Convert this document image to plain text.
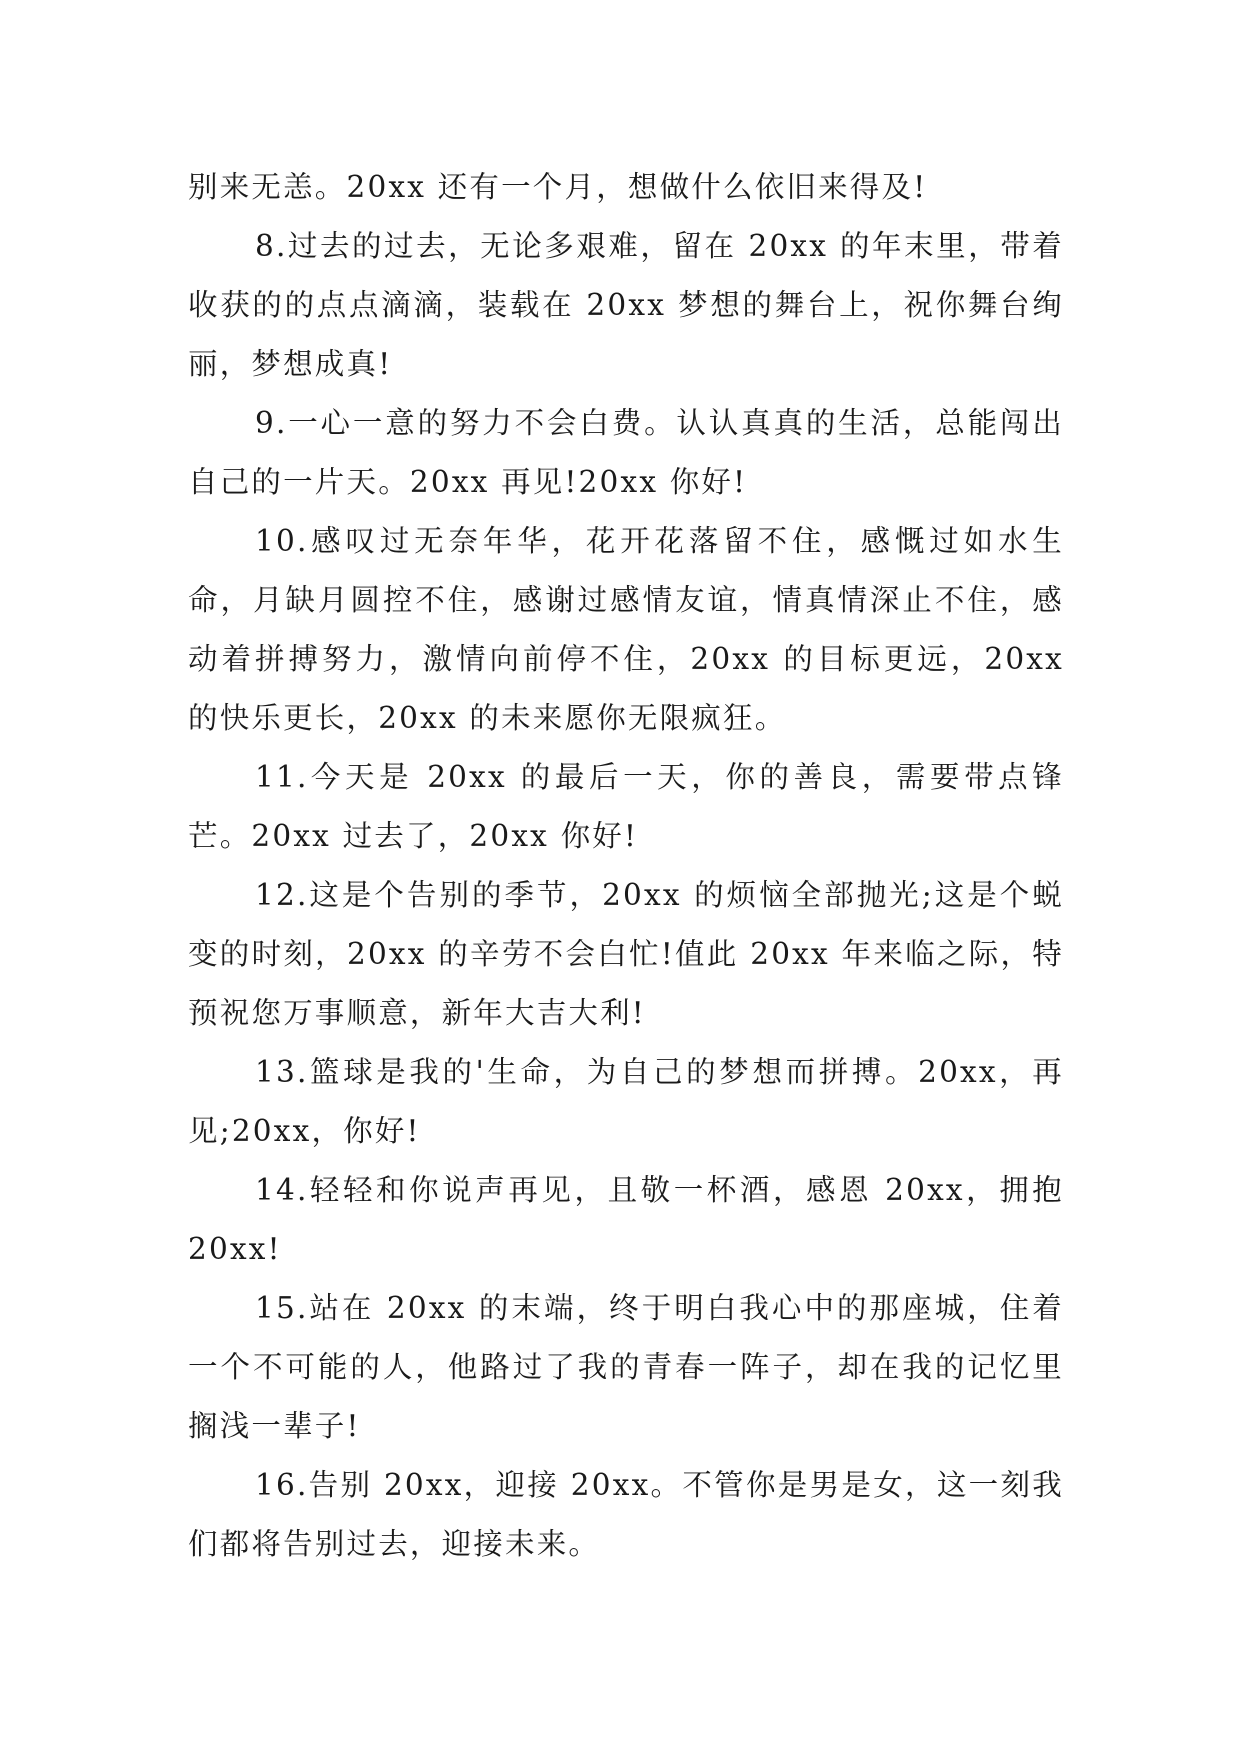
别来无恙。20xx 还有一个月，想做什么依旧来得及!

8.过去的过去，无论多艰难，留在 20xx 的年末里，带着收获的的点点滴滴，装载在 20xx 梦想的舞台上，祝你舞台绚丽，梦想成真!

9.一心一意的努力不会白费。认认真真的生活，总能闯出自己的一片天。20xx 再见!20xx 你好!

10.感叹过无奈年华，花开花落留不住，感慨过如水生命，月缺月圆控不住，感谢过感情友谊，情真情深止不住，感动着拼搏努力，激情向前停不住，20xx 的目标更远，20xx 的快乐更长，20xx 的未来愿你无限疯狂。

11.今天是 20xx 的最后一天，你的善良，需要带点锋芒。20xx 过去了，20xx 你好!

12.这是个告别的季节，20xx 的烦恼全部抛光;这是个蜕变的时刻，20xx 的辛劳不会白忙!值此 20xx 年来临之际，特预祝您万事顺意，新年大吉大利!

13.篮球是我的'生命，为自己的梦想而拼搏。20xx，再见;20xx，你好!

14.轻轻和你说声再见，且敬一杯酒，感恩 20xx，拥抱 20xx!

15.站在 20xx 的末端，终于明白我心中的那座城，住着一个不可能的人，他路过了我的青春一阵子，却在我的记忆里搁浅一辈子!

16.告别 20xx，迎接 20xx。不管你是男是女，这一刻我们都将告别过去，迎接未来。
